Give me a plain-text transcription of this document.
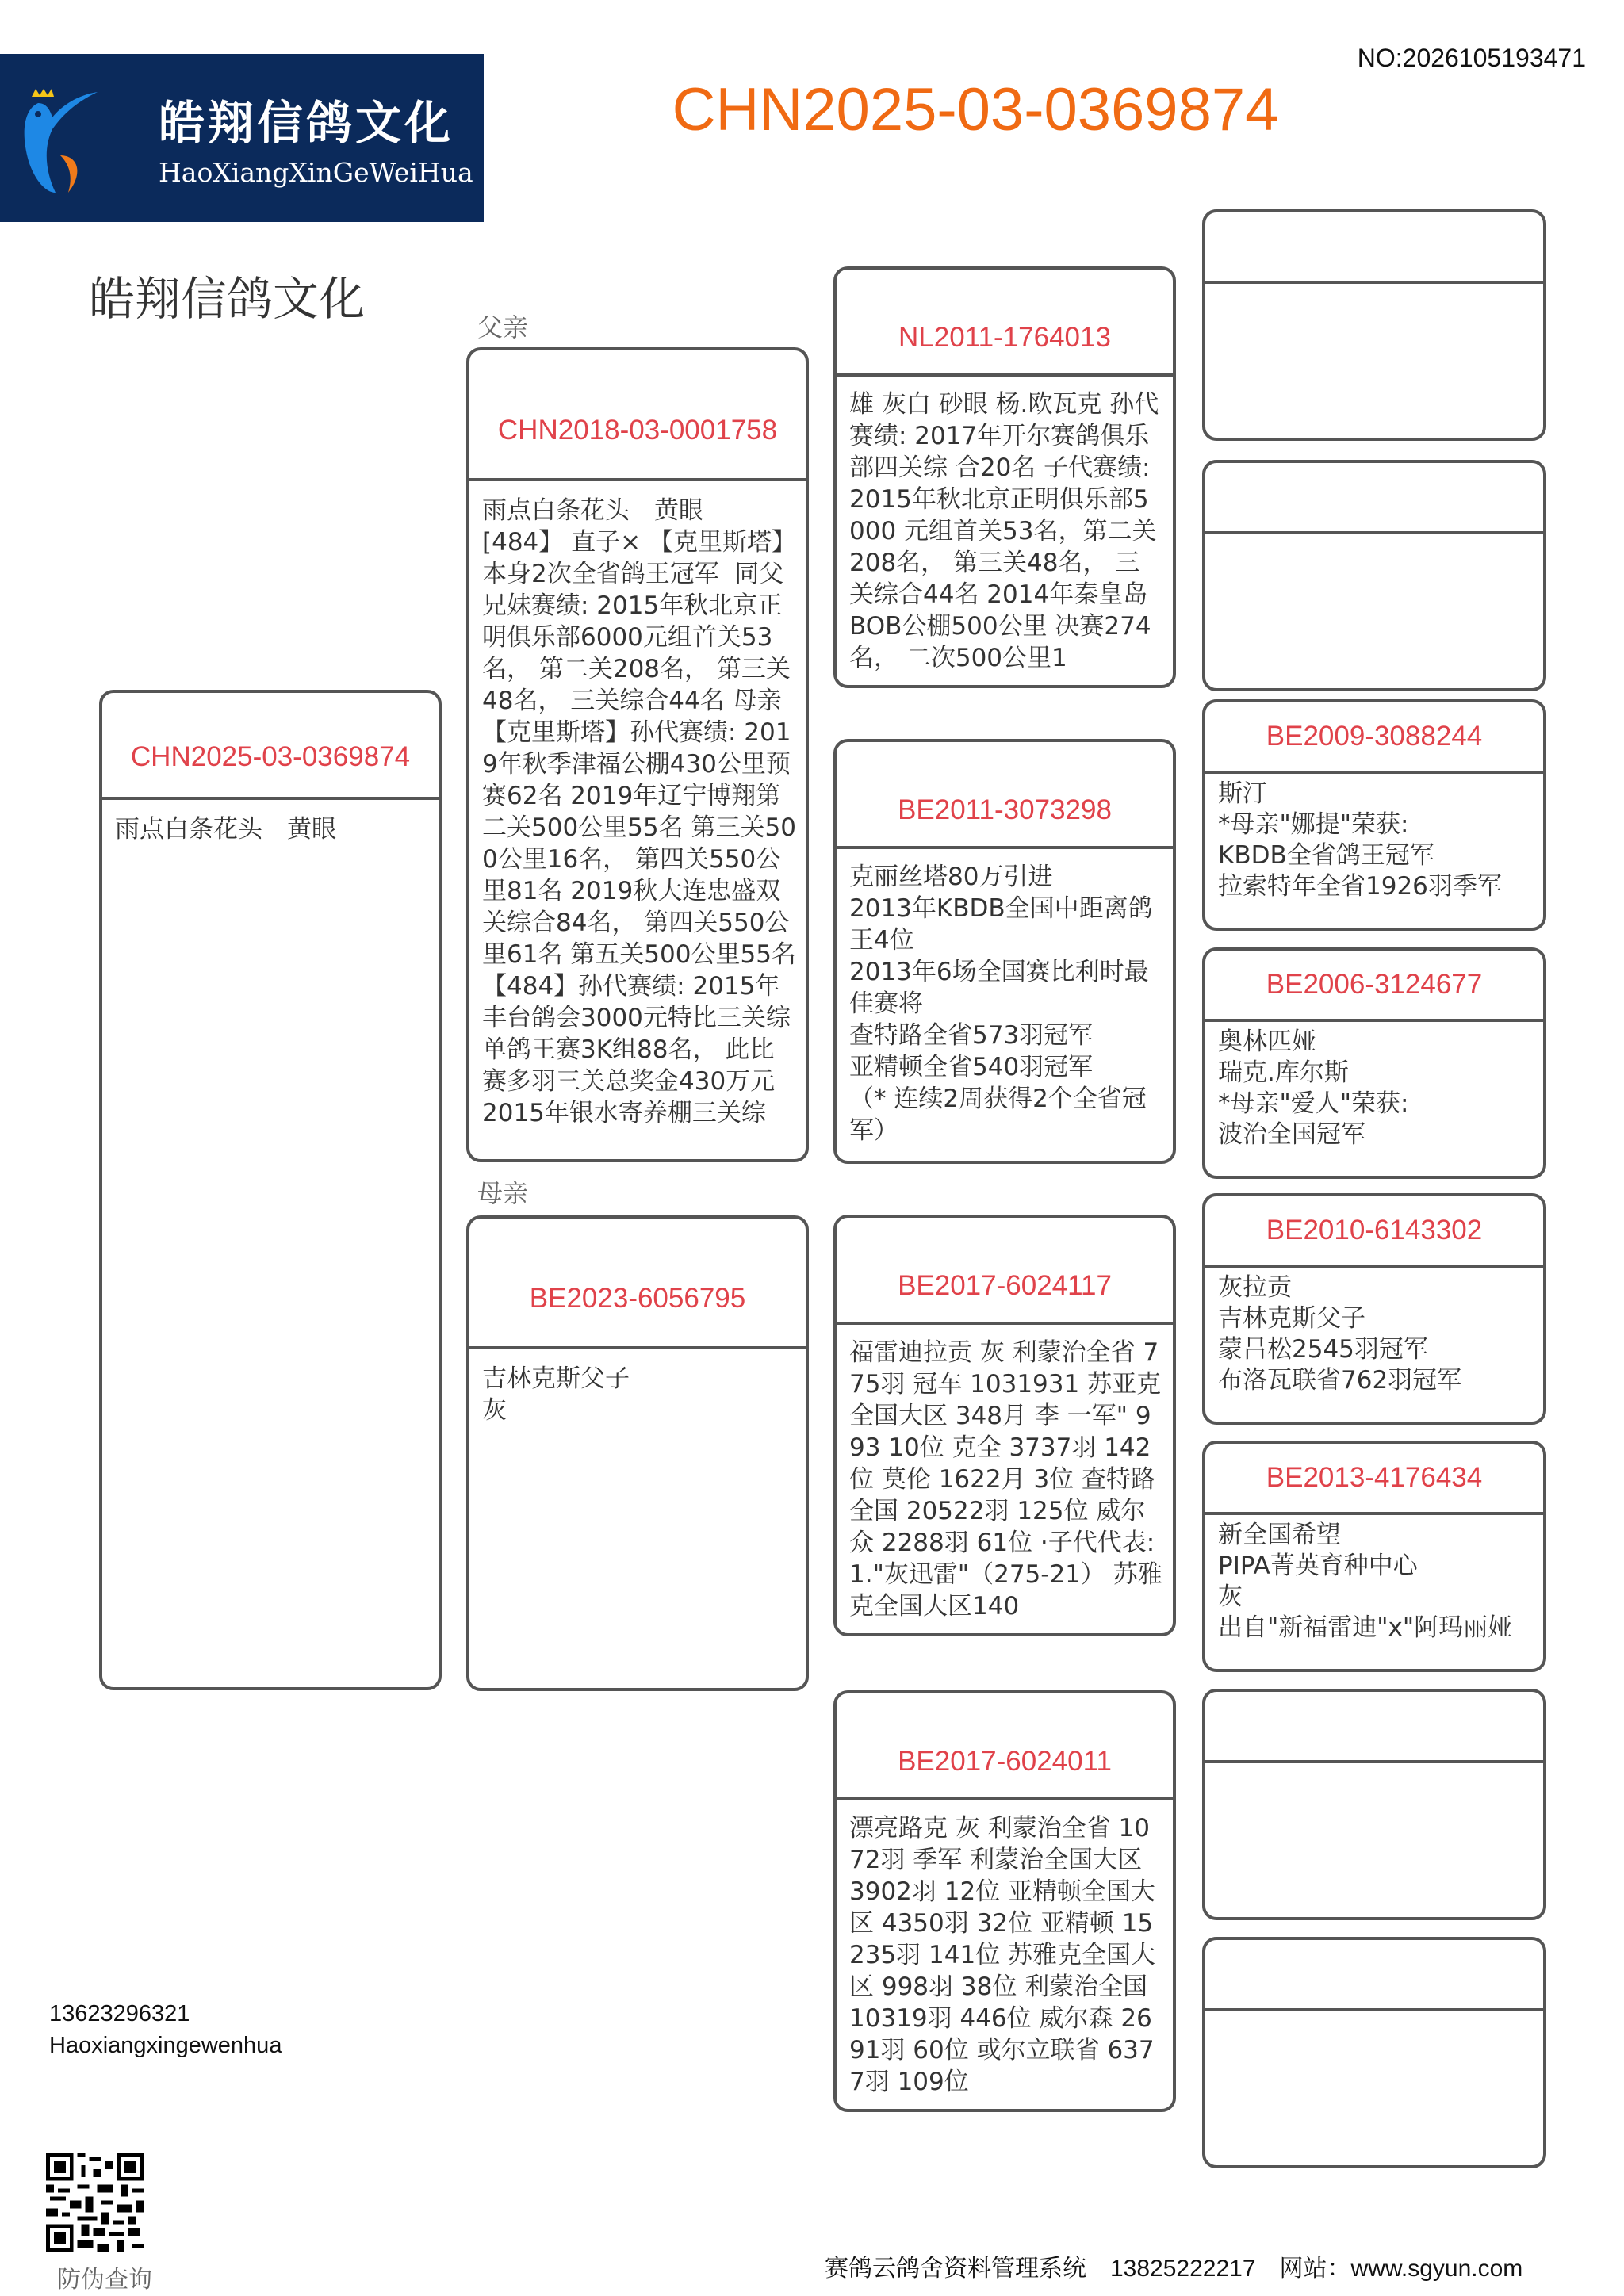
皓翔信鸽文化
HaoXiangXinGeWeiHua
CHN2025-03-0369874
NO:2026105193471
皓翔信鸽文化
CHN2025-03-0369874
雨点白条花头　黄眼
父亲
CHN2018-03-0001758
雨点白条花头　黄眼
[484】 直子× 【克里斯塔】 本身2次全省鸽王冠军  同父兄妹赛绩: 2015年秋北京正明俱乐部6000元组首关53名， 第二关208名， 第三关48名， 三关综合44名 母亲 【克里斯塔】孙代赛绩: 2019年秋季津福公棚430公里预赛62名 2019年辽宁博翔第二关500公里55名 第三关500公里16名， 第四关550公里81名 2019秋大连忠盛双关综合84名， 第四关550公里61名 第五关500公里55名 【484】孙代赛绩: 2015年丰台鸽会3000元特比三关综单鸽王赛3K组88名， 此比赛多羽三关总奖金430万元 2015年银水寄养棚三关综
母亲
BE2023-6056795
吉林克斯父子
灰
NL2011-1764013
雄 灰白 砂眼 杨.欧瓦克 孙代赛绩: 2017年开尔赛鸽俱乐部四关综 合20名 子代赛绩: 2015年秋北京正明俱乐部5000 元组首关53名，第二关208名， 第三关48名， 三关综合44名 2014年秦皇岛BOB公棚500公里 决赛274名， 二次500公里1
BE2011-3073298
克丽丝塔80万引进
2013年KBDB全国中距离鸽王4位
2013年6场全国赛比利时最佳赛将
查特路全省573羽冠军
亚精顿全省540羽冠军
（* 连续2周获得2个全省冠军）
BE2017-6024117
福雷迪拉贡 灰 利蒙治全省 775羽 冠车 1031931 苏亚克全国大区 348月 李 一军" 993 10位 克全 3737羽 142位 莫伦 1622月 3位 查特路全国 20522羽 125位 威尔众 2288羽 61位 ·子代代表: 1."灰迅雷"（275-21） 苏雅克全国大区140
BE2017-6024011
漂亮路克 灰 利蒙治全省 1072羽 季军 利蒙治全国大区 3902羽 12位 亚精顿全国大区 4350羽 32位 亚精顿 15235羽 141位 苏雅克全国大区 998羽 38位 利蒙治全国 10319羽 446位 威尔森 2691羽 60位 或尔立联省 6377羽 109位
BE2009-3088244
斯汀
*母亲"娜提"荣获:
KBDB全省鸽王冠军
拉索特年全省1926羽季军
BE2006-3124677
奥林匹娅
瑞克.库尔斯
*母亲"爱人"荣获:
波治全国冠军
BE2010-6143302
灰拉贡
吉林克斯父子
蒙吕松2545羽冠军
布洛瓦联省762羽冠军
BE2013-4176434
新全国希望
PIPA菁英育种中心
灰
出自"新福雷迪"x"阿玛丽娅
13623296321
Haoxiangxingewenhua
防伪查询	赛鸽云鸽舍资料管理系统　13825222217　网站：www.sgyun.com
